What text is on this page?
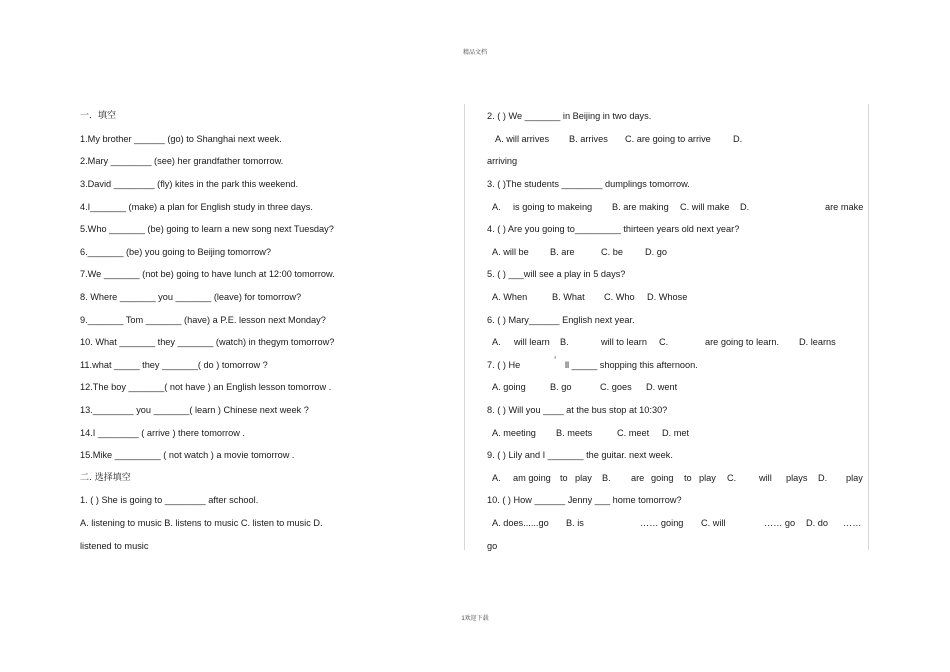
精品文档
一．填空
1.My brother ______ (go) to Shanghai next week.
2.Mary ________ (see) her grandfather tomorrow.
3.David ________ (fly) kites in the park this weekend.
4.I_______ (make) a plan for English study in three days.
5.Who _______ (be) going to learn a new song next Tuesday?
6._______ (be) you going to Beijing tomorrow?
7.We _______ (not be) going to have lunch at 12:00 tomorrow.
8. Where _______ you _______ (leave) for tomorrow?
9._______ Tom _______ (have) a P.E. lesson next Monday?
10. What _______ they _______ (watch) in thegym tomorrow?
11.what _____ they _______( do ) tomorrow ?
12.The boy _______( not have ) an English lesson tomorrow .
13.________ you _______( learn ) Chinese next week ?
14.I ________ ( arrive ) there tomorrow .
15.Mike _________ ( not watch ) a movie tomorrow .
二. 选择填空
1. ( ) She is going to ________ after school.
A. listening to music B. listens to music C. listen to music D.
listened to music
2. ( ) We _______ in Beijing in two days.
A. will arrives B. arrives C. are going to arrive D.
arriving
3. ( )The students ________ dumplings tomorrow.
A. is going to makeing B. are making C. will make D.	are make
4. ( ) Are you going to_________ thirteen years old next year?
A. will be B. are	C. be D. go
5. ( ) ___will see a play in 5 days?
A. When	B. What C. Who D. Whose
6. ( ) Mary______ English next year.
A. will learn B.	will to learn C.	are going to learn. D. learns
7. ( ) He	’ ll _____ shopping this afternoon.
A. going	B. go	C. goes D. went
8. ( ) Will you ____ at the bus stop at 10:30?
A. meeting B. meets	C. meet D. met
9. ( ) Lily and I _______ the guitar. next week.
A. am going to play B. are going to play C. will plays D. play
10. ( ) How ______ Jenny ___ home tomorrow?
A. does......go B. is	…… going C. will	…… go D. do ……
go
1欢迎下载
